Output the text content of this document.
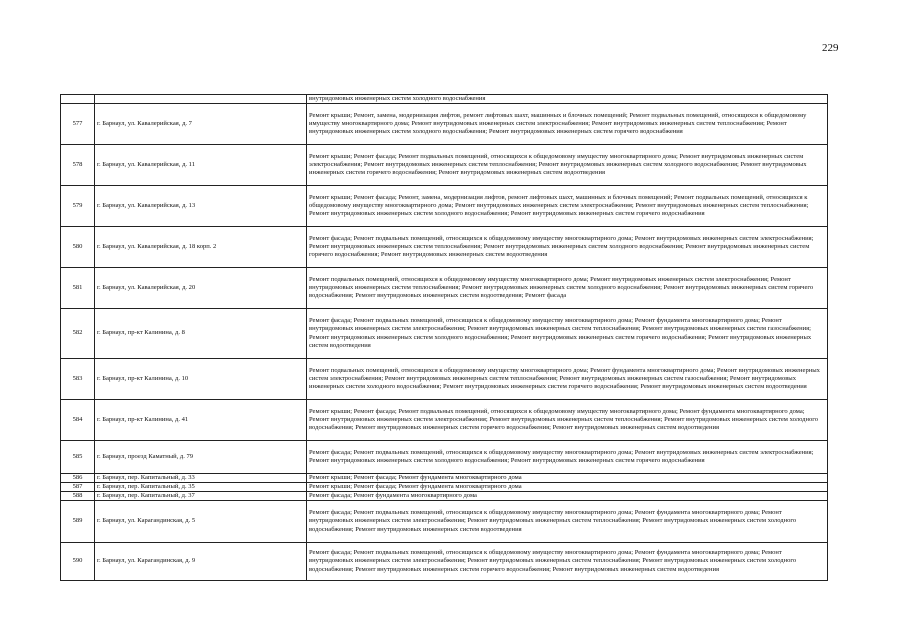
229
		внутридомовых инженерных систем холодного водоснабжения
577	г. Барнаул, ул. Кавалерийская, д. 7	Ремонт крыши; Ремонт, замена, модернизация лифтов, ремонт лифтовых шахт, машинных и блочных помещений; Ремонт подвальных помещений, относящихся к общедомовому имуществу многоквартирного дома; Ремонт внутридомовых инженерных систем электроснабжения; Ремонт внутридомовых инженерных систем теплоснабжения; Ремонт внутридомовых инженерных систем холодного водоснабжения; Ремонт внутридомовых инженерных систем горячего водоснабжения
578	г. Барнаул, ул. Кавалерийская, д. 11	Ремонт крыши; Ремонт фасада; Ремонт подвальных помещений, относящихся к общедомовому имуществу многоквартирного дома; Ремонт внутридомовых инженерных систем электроснабжения; Ремонт внутридомовых инженерных систем теплоснабжения; Ремонт внутридомовых инженерных систем холодного водоснабжения; Ремонт внутридомовых инженерных систем горячего водоснабжения; Ремонт внутридомовых инженерных систем водоотведения
579	г. Барнаул, ул. Кавалерийская, д. 13	Ремонт крыши; Ремонт фасада; Ремонт, замена, модернизация лифтов, ремонт лифтовых шахт, машинных и блочных помещений; Ремонт подвальных помещений, относящихся к общедомовому имуществу многоквартирного дома; Ремонт внутридомовых инженерных систем электроснабжения; Ремонт внутридомовых инженерных систем теплоснабжения; Ремонт внутридомовых инженерных систем холодного водоснабжения; Ремонт внутридомовых инженерных систем горячего водоснабжения
580	г. Барнаул, ул. Кавалерийская, д. 18 корп. 2	Ремонт фасада; Ремонт подвальных помещений, относящихся к общедомовому имуществу многоквартирного дома; Ремонт внутридомовых инженерных систем электроснабжения; Ремонт внутридомовых инженерных систем теплоснабжения; Ремонт внутридомовых инженерных систем холодного водоснабжения; Ремонт внутридомовых инженерных систем горячего водоснабжения; Ремонт внутридомовых инженерных систем водоотведения
581	г. Барнаул, ул. Кавалерийская, д. 20	Ремонт подвальных помещений, относящихся к общедомовому имуществу многоквартирного дома; Ремонт внутридомовых инженерных систем электроснабжения; Ремонт внутридомовых инженерных систем теплоснабжения; Ремонт внутридомовых инженерных систем холодного водоснабжения; Ремонт внутридомовых инженерных систем горячего водоснабжения; Ремонт внутридомовых инженерных систем водоотведения; Ремонт фасада
582	г. Барнаул, пр-кт Калинина, д. 8	Ремонт фасада; Ремонт подвальных помещений, относящихся к общедомовому имуществу многоквартирного дома; Ремонт фундамента многоквартирного дома; Ремонт внутридомовых инженерных систем электроснабжения; Ремонт внутридомовых инженерных систем теплоснабжения; Ремонт внутридомовых инженерных систем газоснабжения; Ремонт внутридомовых инженерных систем холодного водоснабжения; Ремонт внутридомовых инженерных систем горячего водоснабжения; Ремонт внутридомовых инженерных систем водоотведения
583	г. Барнаул, пр-кт Калинина, д. 10	Ремонт подвальных помещений, относящихся к общедомовому имуществу многоквартирного дома; Ремонт фундамента многоквартирного дома; Ремонт внутридомовых инженерных систем электроснабжения; Ремонт внутридомовых инженерных систем теплоснабжения; Ремонт внутридомовых инженерных систем газоснабжения; Ремонт внутридомовых инженерных систем холодного водоснабжения; Ремонт внутридомовых инженерных систем горячего водоснабжения; Ремонт внутридомовых инженерных систем водоотведения
584	г. Барнаул, пр-кт Калинина, д. 41	Ремонт крыши; Ремонт фасада; Ремонт подвальных помещений, относящихся к общедомовому имуществу многоквартирного дома; Ремонт фундамента многоквартирного дома; Ремонт внутридомовых инженерных систем электроснабжения; Ремонт внутридомовых инженерных систем теплоснабжения; Ремонт внутридомовых инженерных систем холодного водоснабжения; Ремонт внутридомовых инженерных систем горячего водоснабжения; Ремонт внутридомовых инженерных систем водоотведения
585	г. Барнаул, проезд Каматный, д. 79	Ремонт фасада; Ремонт подвальных помещений, относящихся к общедомовому имуществу многоквартирного дома; Ремонт внутридомовых инженерных систем электроснабжения; Ремонт внутридомовых инженерных систем холодного водоснабжения; Ремонт внутридомовых инженерных систем горячего водоснабжения
586	г. Барнаул, пер. Капитальный, д. 33	Ремонт крыши; Ремонт фасада; Ремонт фундамента многоквартирного дома
587	г. Барнаул, пер. Капитальный, д. 35	Ремонт крыши; Ремонт фасада; Ремонт фундамента многоквартирного дома
588	г. Барнаул, пер. Капитальный, д. 37	Ремонт фасада; Ремонт фундамента многоквартирного дома
589	г. Барнаул, ул. Карагандинская, д. 5	Ремонт фасада; Ремонт подвальных помещений, относящихся к общедомовому имуществу многоквартирного дома; Ремонт фундамента многоквартирного дома; Ремонт внутридомовых инженерных систем электроснабжения; Ремонт внутридомовых инженерных систем теплоснабжения; Ремонт внутридомовых инженерных систем холодного водоснабжения; Ремонт внутридомовых инженерных систем водоотведения
590	г. Барнаул, ул. Карагандинская, д. 9	Ремонт фасада; Ремонт подвальных помещений, относящихся к общедомовому имуществу многоквартирного дома; Ремонт фундамента многоквартирного дома; Ремонт внутридомовых инженерных систем электроснабжения; Ремонт внутридомовых инженерных систем теплоснабжения; Ремонт внутридомовых инженерных систем холодного водоснабжения; Ремонт внутридомовых инженерных систем горячего водоснабжения; Ремонт внутридомовых инженерных систем водоотведения
